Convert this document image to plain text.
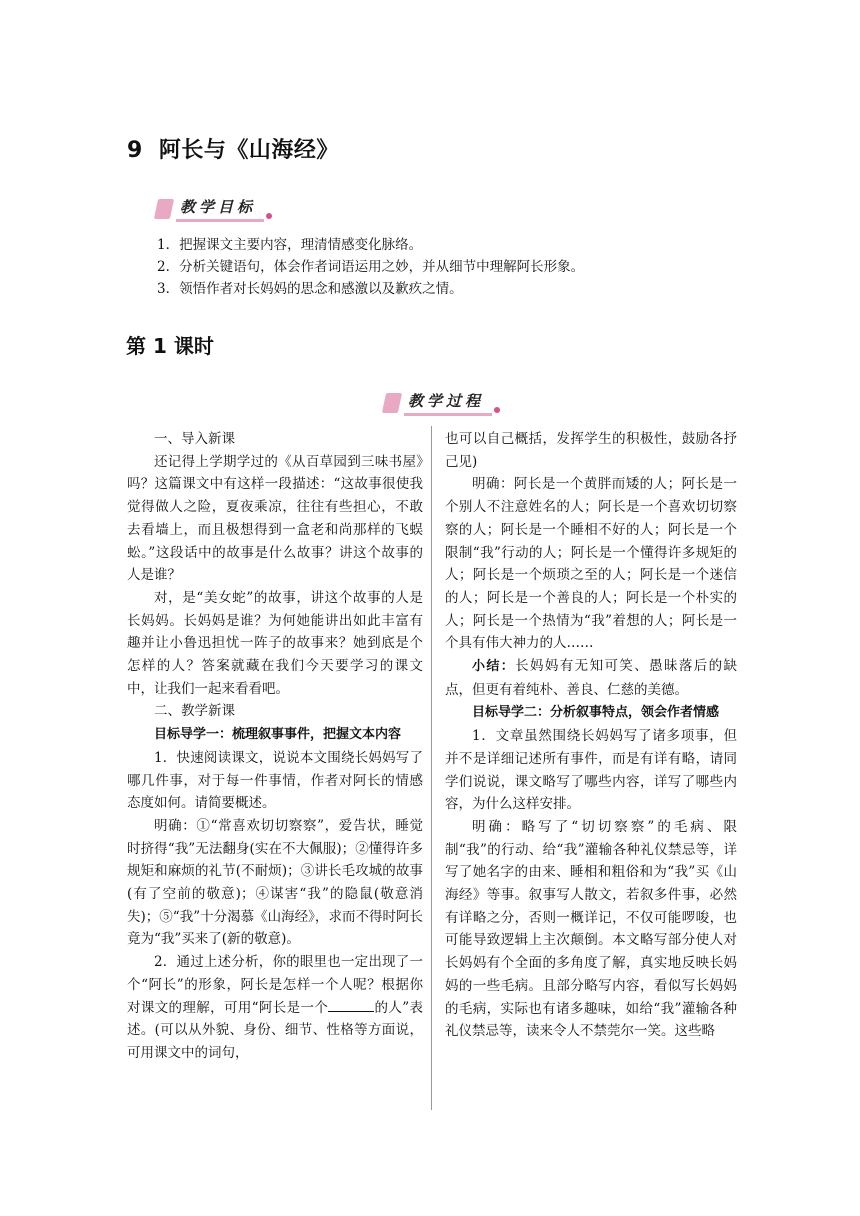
9 阿长与《山海经》
教学目标
1．把握课文主要内容，理清情感变化脉络。
2．分析关键语句，体会作者词语运用之妙，并从细节中理解阿长形象。
3．领悟作者对长妈妈的思念和感激以及歉疚之情。
第 1 课时
教学过程

一、导入新课

还记得上学期学过的《从百草园到三味书屋》吗？这篇课文中有这样一段描述：“这故事很使我觉得做人之险，夏夜乘凉，往往有些担心，不敢去看墙上，而且极想得到一盒老和尚那样的飞蜈蚣。”这段话中的故事是什么故事？讲这个故事的人是谁？

对，是“美女蛇”的故事，讲这个故事的人是长妈妈。长妈妈是谁？为何她能讲出如此丰富有趣并让小鲁迅担忧一阵子的故事来？她到底是个怎样的人？答案就藏在我们今天要学习的课文中，让我们一起来看看吧。

二、教学新课

目标导学一：梳理叙事事件，把握文本内容

1．快速阅读课文，说说本文围绕长妈妈写了哪几件事，对于每一件事情，作者对阿长的情感态度如何。请简要概述。

明确：①“常喜欢切切察察”，爱告状，睡觉时挤得“我”无法翻身(实在不大佩服)；②懂得许多规矩和麻烦的礼节(不耐烦)；③讲长毛攻城的故事(有了空前的敬意)；④谋害“我”的隐鼠(敬意消失)；⑤“我”十分渴慕《山海经》，求而不得时阿长竟为“我”买来了(新的敬意)。

2．通过上述分析，你的眼里也一定出现了一个“阿长”的形象，阿长是怎样一个人呢？根据你对课文的理解，可用“阿长是一个	的人”表述。(可以从外貌、身份、细节、性格等方面说，可用课文中的词句，

也可以自己概括，发挥学生的积极性，鼓励各抒己见)

明确：阿长是一个黄胖而矮的人；阿长是一个别人不注意姓名的人；阿长是一个喜欢切切察察的人；阿长是一个睡相不好的人；阿长是一个限制“我”行动的人；阿长是一个懂得许多规矩的人；阿长是一个烦琐之至的人；阿长是一个迷信的人；阿长是一个善良的人；阿长是一个朴实的人；阿长是一个热情为“我”着想的人；阿长是一个具有伟大神力的人……

小结：长妈妈有无知可笑、愚昧落后的缺点，但更有着纯朴、善良、仁慈的美德。

目标导学二：分析叙事特点，领会作者情感

1．文章虽然围绕长妈妈写了诸多项事，但并不是详细记述所有事件，而是有详有略，请同学们说说，课文略写了哪些内容，详写了哪些内容，为什么这样安排。

明确：略写了“切切察察”的毛病、限制“我”的行动、给“我”灌输各种礼仪禁忌等，详写了她名字的由来、睡相和粗俗和为“我”买《山海经》等事。叙事写人散文，若叙多件事，必然有详略之分，否则一概详记，不仅可能啰唆，也可能导致逻辑上主次颠倒。本文略写部分使人对长妈妈有个全面的多角度了解，真实地反映长妈妈的一些毛病。且部分略写内容，看似写长妈妈的毛病，实际也有诸多趣味，如给“我”灌输各种礼仪禁忌等，读来令人不禁莞尔一笑。这些略
